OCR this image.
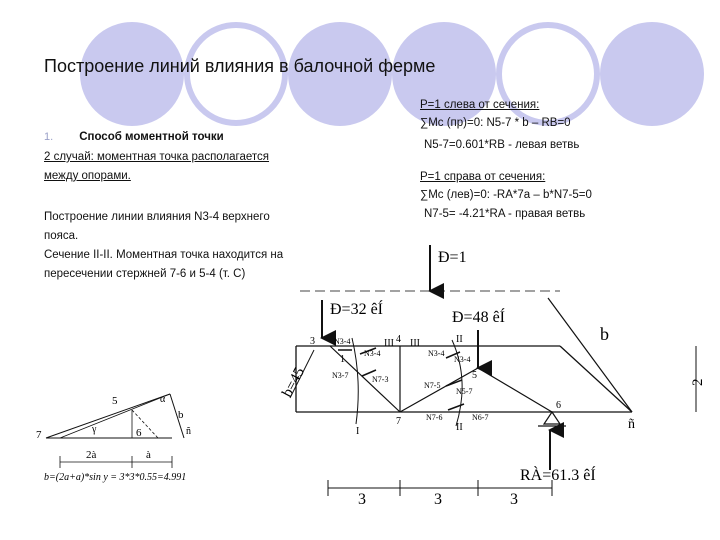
Построение линий влияния в балочной ферме
1. Способ моментной точки
2 случай: моментная точка располагается
между опорами.
Построение линии влияния N3-4 верхнего
пояса.
Сечение II-II. Моментная точка находится на
пересечении стержней 7-6 и 5-4 (т. С)
P=1 слева от сечения:
∑Mc (пр)=0: N5-7 * b – RB=0
N5-7=0.601*RB - левая ветвь
P=1 справа от сечения:
∑Mc (лев)=0: -RA*7a – b*N7-5=0
N7-5= -4.21*RA - правая ветвь
Ð=1
Ð=32 êÍ	Ð=48 êÍ
RÀ=61.3 êÍ
b=45	2
b
ñ
3	3	3
3
1
4
III III
5
7
6
I
II
II
N3-4
N3-4
N3-7	N7-3
N3-4
N3-4
N7-5
N5-7
N7-6	N6-7
5
b
7	6	ñ
2à	à
γ
α
b=(2a+a)*sin y = 3*3*0.55=4.991
